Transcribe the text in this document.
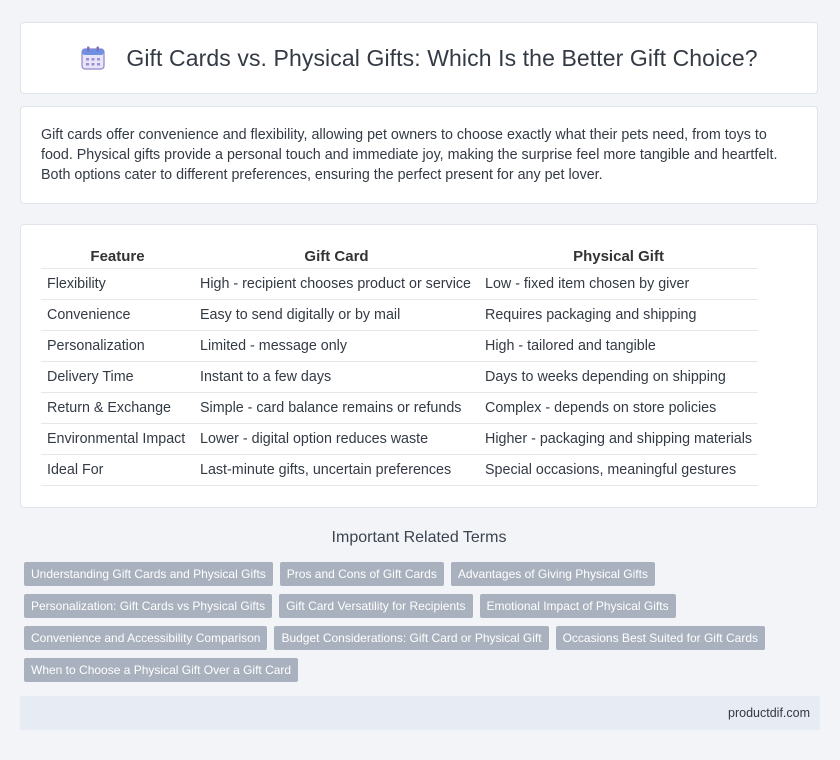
Gift Cards vs. Physical Gifts: Which Is the Better Gift Choice?

Gift cards offer convenience and flexibility, allowing pet owners to choose exactly what their pets need, from toys to food. Physical gifts provide a personal touch and immediate joy, making the surprise feel more tangible and heartfelt. Both options cater to different preferences, ensuring the perfect present for any pet lover.

Feature	Gift Card	Physical Gift
Flexibility	High - recipient chooses product or service	Low - fixed item chosen by giver
Convenience	Easy to send digitally or by mail	Requires packaging and shipping
Personalization	Limited - message only	High - tailored and tangible
Delivery Time	Instant to a few days	Days to weeks depending on shipping
Return & Exchange	Simple - card balance remains or refunds	Complex - depends on store policies
Environmental Impact	Lower - digital option reduces waste	Higher - packaging and shipping materials
Ideal For	Last-minute gifts, uncertain preferences	Special occasions, meaningful gestures
Important Related Terms
Understanding Gift Cards and Physical Gifts Pros and Cons of Gift Cards Advantages of Giving Physical Gifts
Personalization: Gift Cards vs Physical Gifts Gift Card Versatility for Recipients Emotional Impact of Physical Gifts
Convenience and Accessibility Comparison Budget Considerations: Gift Card or Physical Gift Occasions Best Suited for Gift Cards
When to Choose a Physical Gift Over a Gift Card
productdif.com
